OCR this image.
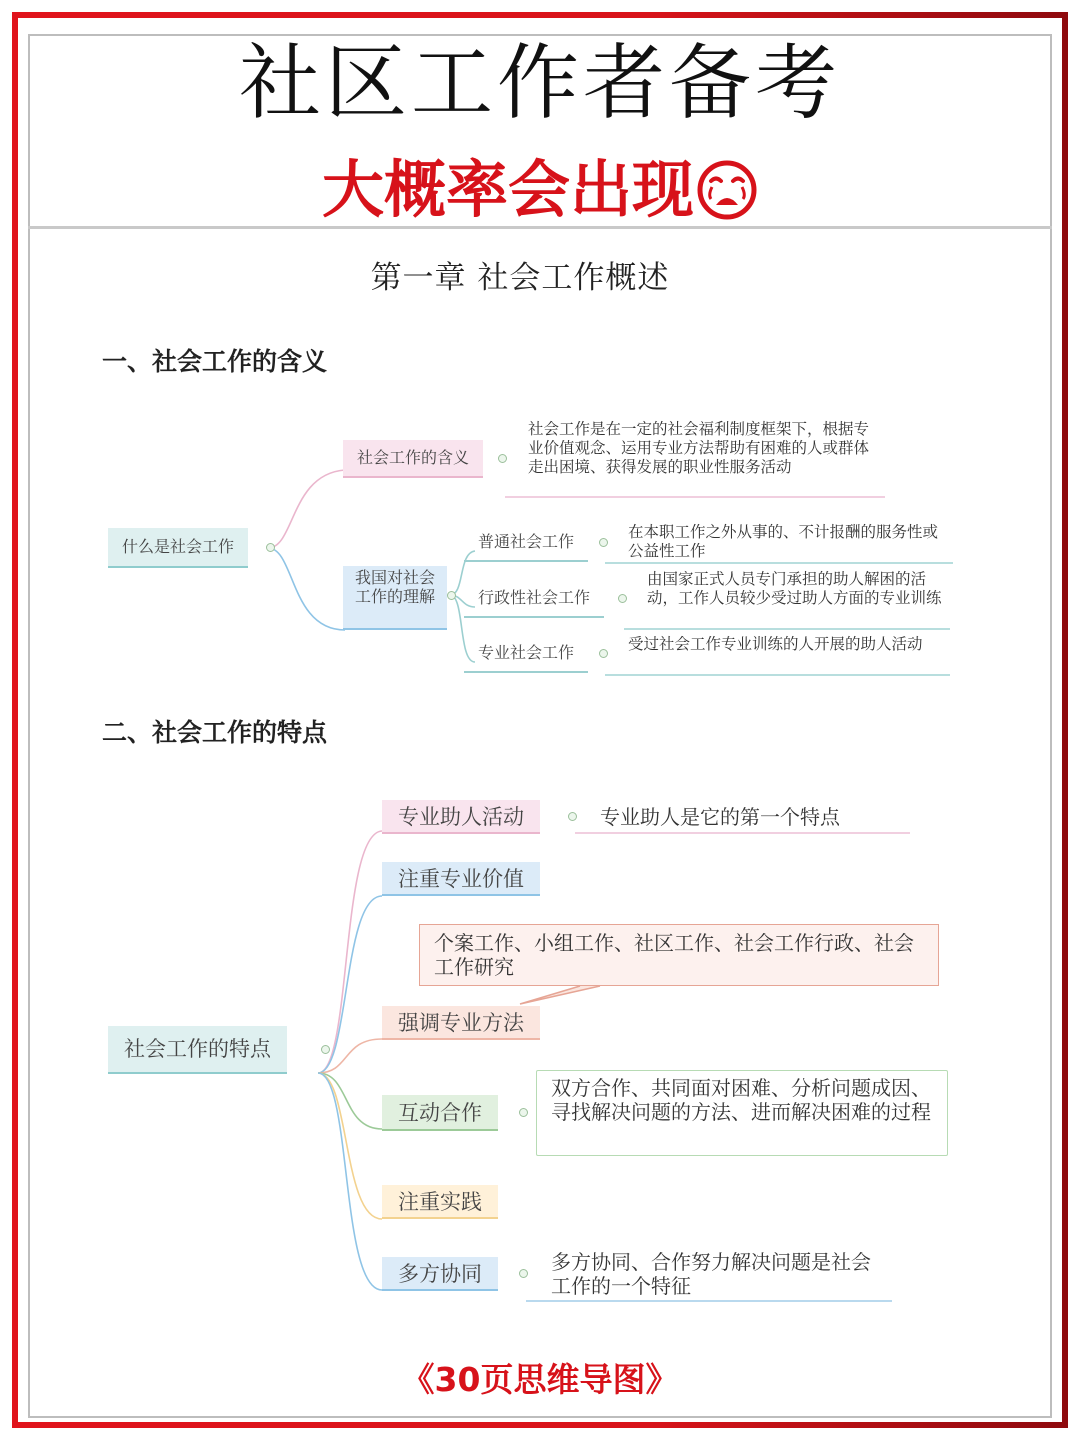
社区工作者备考
大概率会出现
第一章 社会工作概述
一、社会工作的含义
二、社会工作的特点
什么是社会工作
社会工作的含义
社会工作是在一定的社会福利制度框架下，根据专业价值观念、运用专业方法帮助有困难的人或群体走出困境、获得发展的职业性服务活动
我国对社会工作的理解
普通社会工作	在本职工作之外从事的、不计报酬的服务性或公益性工作
行政性社会工作
由国家正式人员专门承担的助人解困的活动，工作人员较少受过助人方面的专业训练
专业社会工作	受过社会工作专业训练的人开展的助人活动
社会工作的特点
专业助人活动	专业助人是它的第一个特点
注重专业价值
个案工作、小组工作、社区工作、社会工作行政、社会工作研究
强调专业方法
互动合作
双方合作、共同面对困难、分析问题成因、寻找解决问题的方法、进而解决困难的过程
注重实践
多方协同	多方协同、合作努力解决问题是社会工作的一个特征
《30页思维导图》
